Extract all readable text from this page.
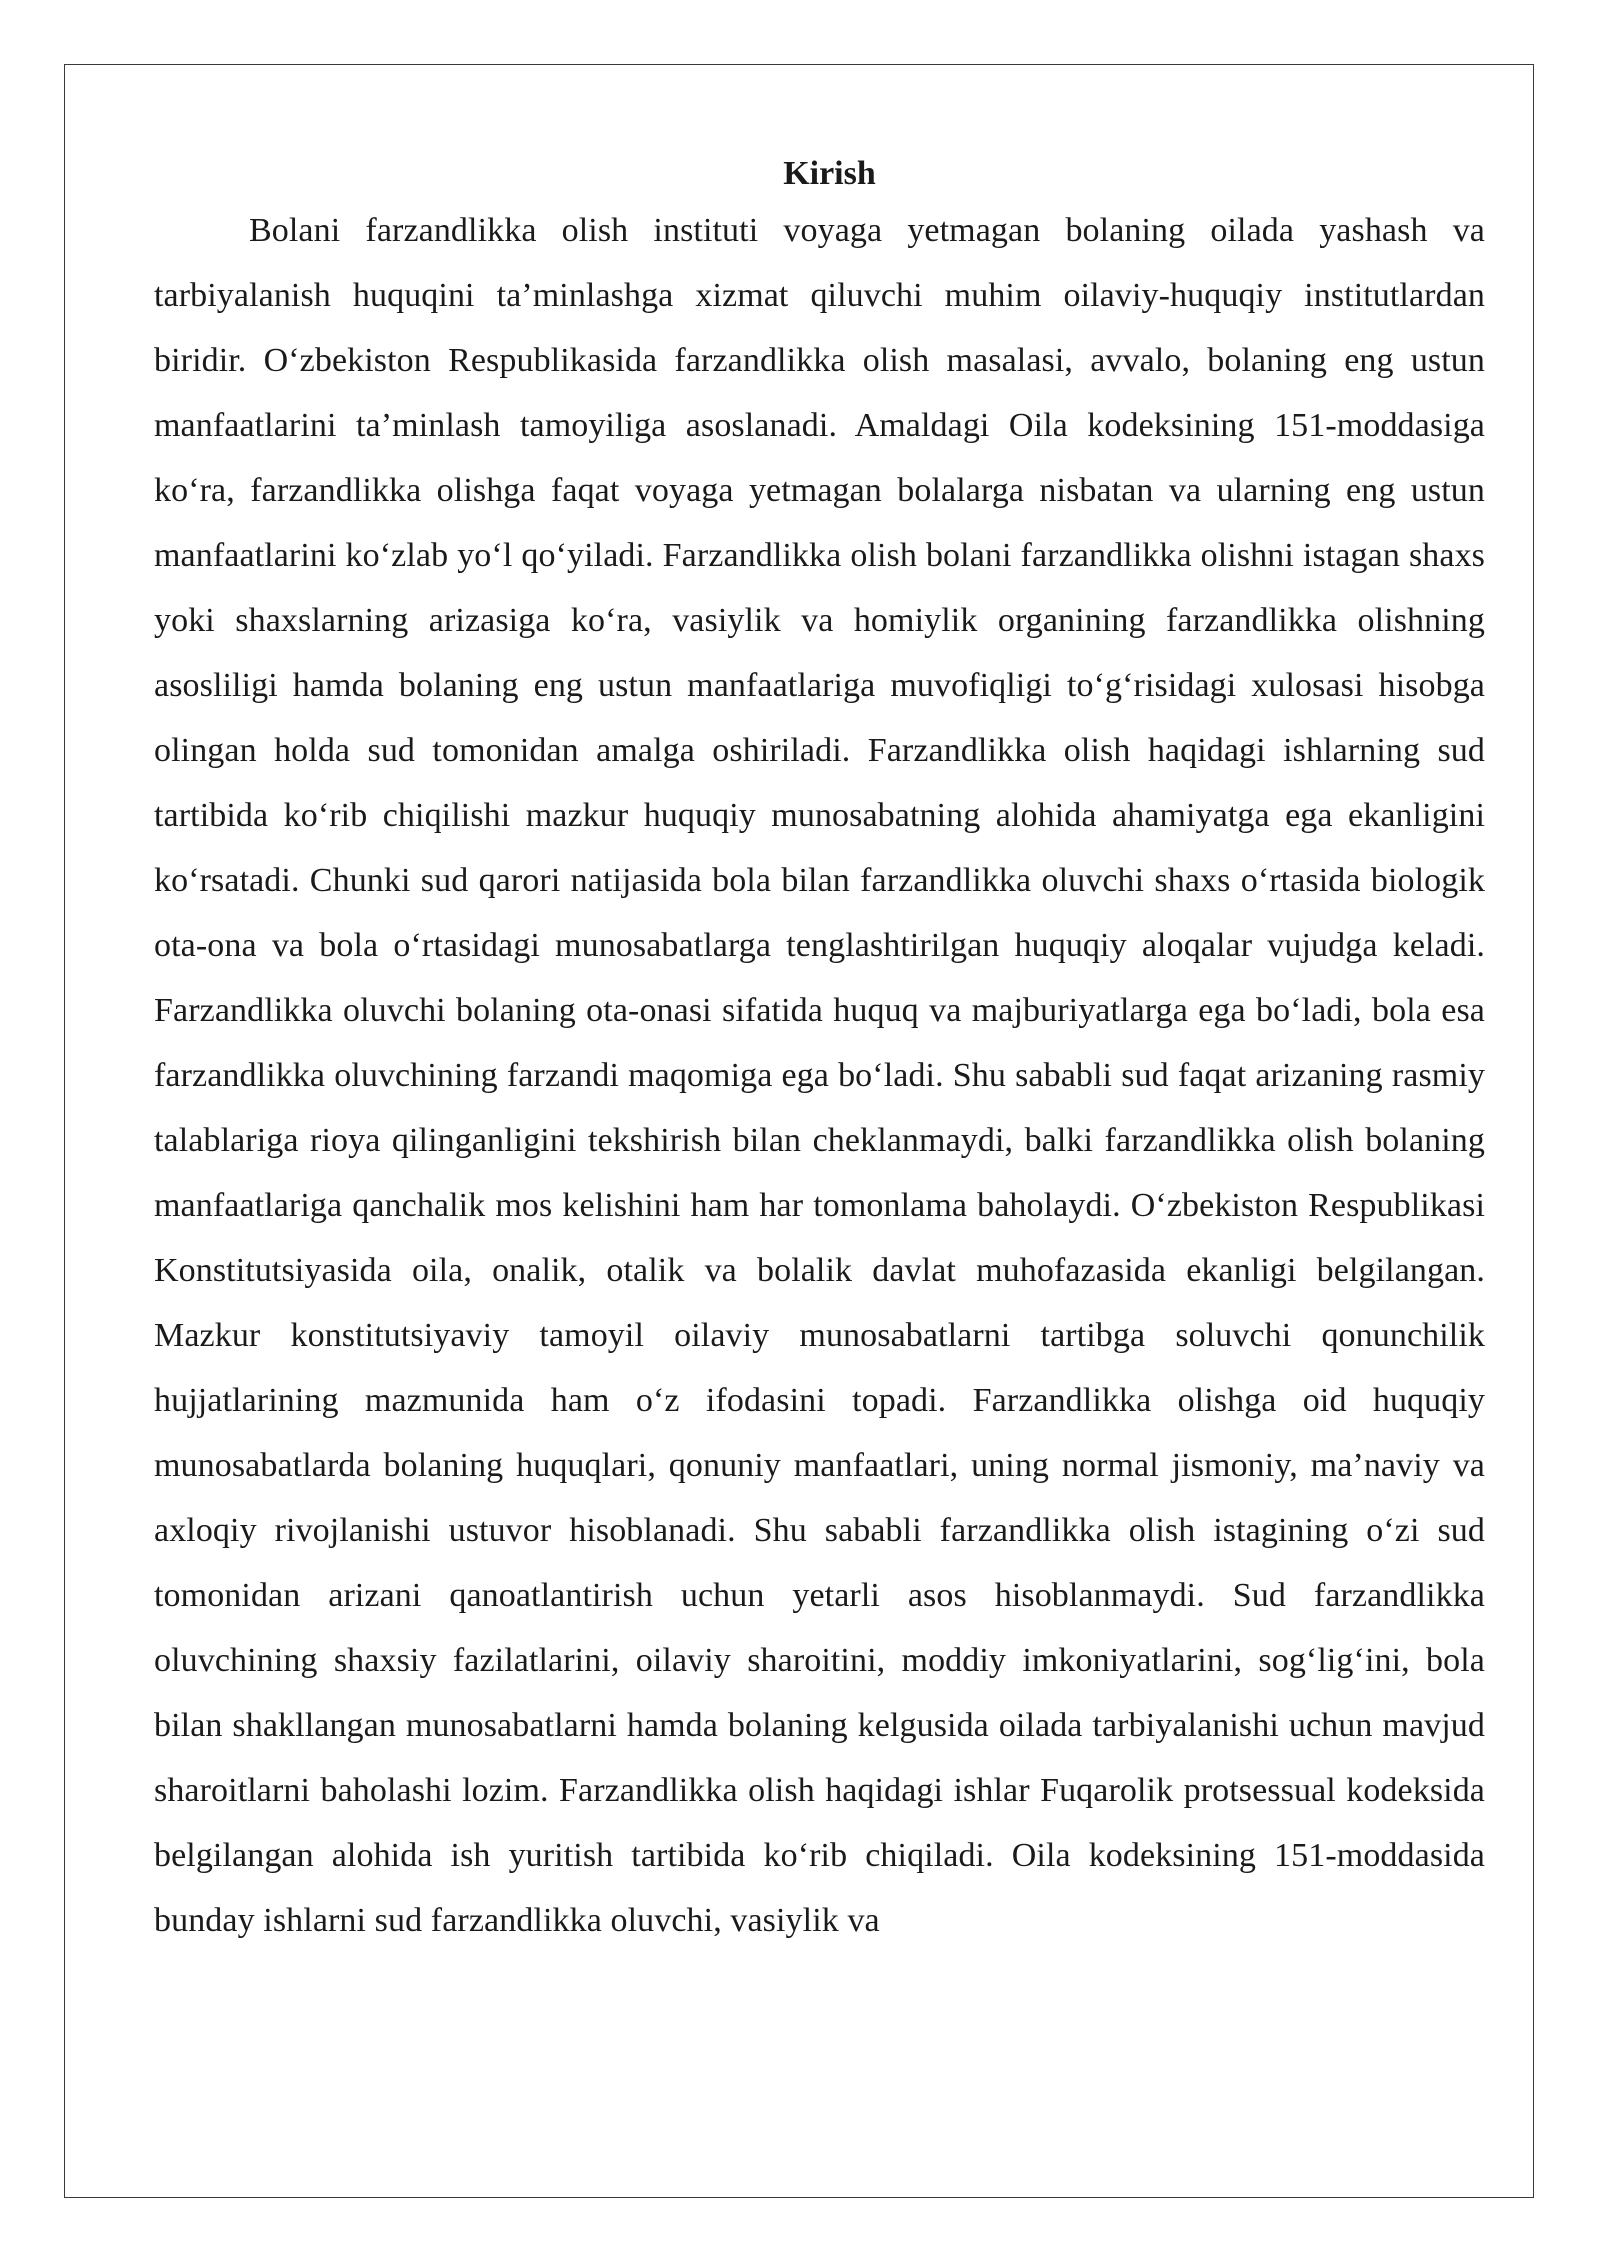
Kirish

Bolani farzandlikka olish instituti voyaga yetmagan bolaning oilada yashash va tarbiyalanish huquqini ta’minlashga xizmat qiluvchi muhim oilaviy-huquqiy institutlardan biridir. O‘zbekiston Respublikasida farzandlikka olish masalasi, avvalo, bolaning eng ustun manfaatlarini ta’minlash tamoyiliga asoslanadi. Amaldagi Oila kodeksining 151-moddasiga ko‘ra, farzandlikka olishga faqat voyaga yetmagan bolalarga nisbatan va ularning eng ustun manfaatlarini ko‘zlab yo‘l qo‘yiladi. Farzandlikka olish bolani farzandlikka olishni istagan shaxs yoki shaxslarning arizasiga ko‘ra, vasiylik va homiylik organining farzandlikka olishning asosliligi hamda bolaning eng ustun manfaatlariga muvofiqligi to‘g‘risidagi xulosasi hisobga olingan holda sud tomonidan amalga oshiriladi. Farzandlikka olish haqidagi ishlarning sud tartibida ko‘rib chiqilishi mazkur huquqiy munosabatning alohida ahamiyatga ega ekanligini ko‘rsatadi. Chunki sud qarori natijasida bola bilan farzandlikka oluvchi shaxs o‘rtasida biologik ota-ona va bola o‘rtasidagi munosabatlarga tenglashtirilgan huquqiy aloqalar vujudga keladi. Farzandlikka oluvchi bolaning ota-onasi sifatida huquq va majburiyatlarga ega bo‘ladi, bola esa farzandlikka oluvchining farzandi maqomiga ega bo‘ladi. Shu sababli sud faqat arizaning rasmiy talablariga rioya qilinganligini tekshirish bilan cheklanmaydi, balki farzandlikka olish bolaning manfaatlariga qanchalik mos kelishini ham har tomonlama baholaydi. O‘zbekiston Respublikasi Konstitutsiyasida oila, onalik, otalik va bolalik davlat muhofazasida ekanligi belgilangan. Mazkur konstitutsiyaviy tamoyil oilaviy munosabatlarni tartibga soluvchi qonunchilik hujjatlarining mazmunida ham o‘z ifodasini topadi. Farzandlikka olishga oid huquqiy munosabatlarda bolaning huquqlari, qonuniy manfaatlari, uning normal jismoniy, ma’naviy va axloqiy rivojlanishi ustuvor hisoblanadi. Shu sababli farzandlikka olish istagining o‘zi sud tomonidan arizani qanoatlantirish uchun yetarli asos hisoblanmaydi. Sud farzandlikka oluvchining shaxsiy fazilatlarini, oilaviy sharoitini, moddiy imkoniyatlarini, sog‘lig‘ini, bola bilan shakllangan munosabatlarni hamda bolaning kelgusida oilada tarbiyalanishi uchun mavjud sharoitlarni baholashi lozim. Farzandlikka olish haqidagi ishlar Fuqarolik protsessual kodeksida belgilangan alohida ish yuritish tartibida ko‘rib chiqiladi. Oila kodeksining 151-moddasida bunday ishlarni sud farzandlikka oluvchi, vasiylik va
